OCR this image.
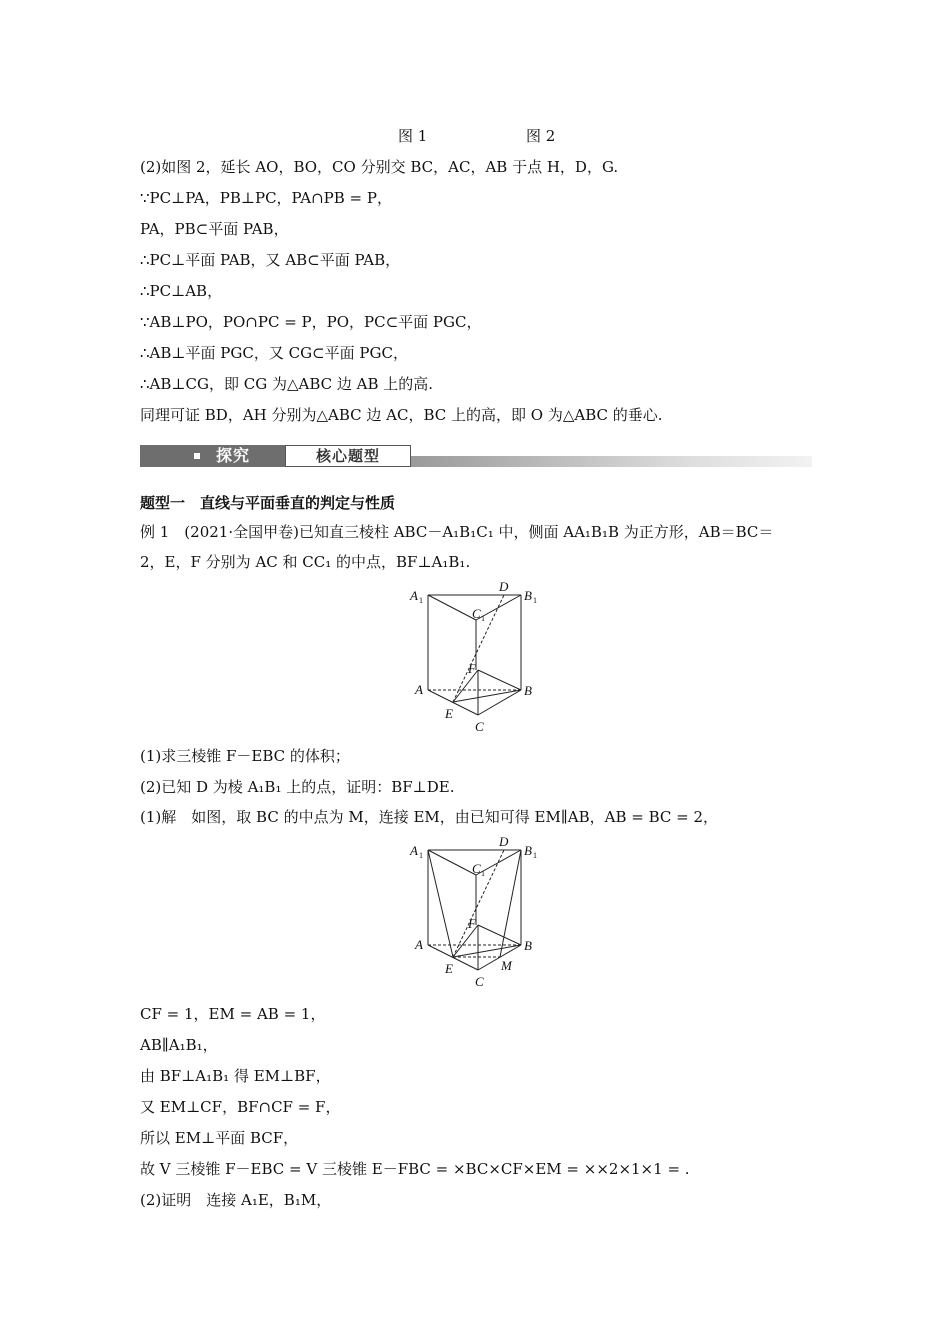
图 1	图 2
(2)如图 2，延长 AO，BO，CO 分别交 BC，AC，AB 于点 H，D，G.
∵PC⊥PA，PB⊥PC，PA∩PB = P，
PA，PB⊂平面 PAB，
∴PC⊥平面 PAB，又 AB⊂平面 PAB，
∴PC⊥AB，
∵AB⊥PO，PO∩PC = P，PO，PC⊂平面 PGC，
∴AB⊥平面 PGC，又 CG⊂平面 PGC，
∴AB⊥CG，即 CG 为△ABC 边 AB 上的高.
同理可证 BD，AH 分别为△ABC 边 AC，BC 上的高，即 O 为△ABC 的垂心.
探究	核心题型
题型一　直线与平面垂直的判定与性质
例 1　(2021·全国甲卷)已知直三棱柱 ABC－A₁B₁C₁ 中，侧面 AA₁B₁B 为正方形，AB＝BC＝
2，E，F 分别为 AC 和 CC₁ 的中点，BF⊥A₁B₁.
A 1	B 1
D
C 1
F
A	B
E
C
(1)求三棱锥 F－EBC 的体积；
(2)已知 D 为棱 A₁B₁ 上的点，证明：BF⊥DE.
(1)解　如图，取 BC 的中点为 M，连接 EM，由已知可得 EM∥AB，AB = BC = 2，
A 1	B 1
D
C 1
F
A	B
E	M
C
CF = 1，EM = AB = 1，
AB∥A₁B₁，
由 BF⊥A₁B₁ 得 EM⊥BF，
又 EM⊥CF，BF∩CF = F，
所以 EM⊥平面 BCF，
故 V 三棱锥 F－EBC = V 三棱锥 E－FBC = ×BC×CF×EM = ××2×1×1 = .
(2)证明　连接 A₁E，B₁M，
